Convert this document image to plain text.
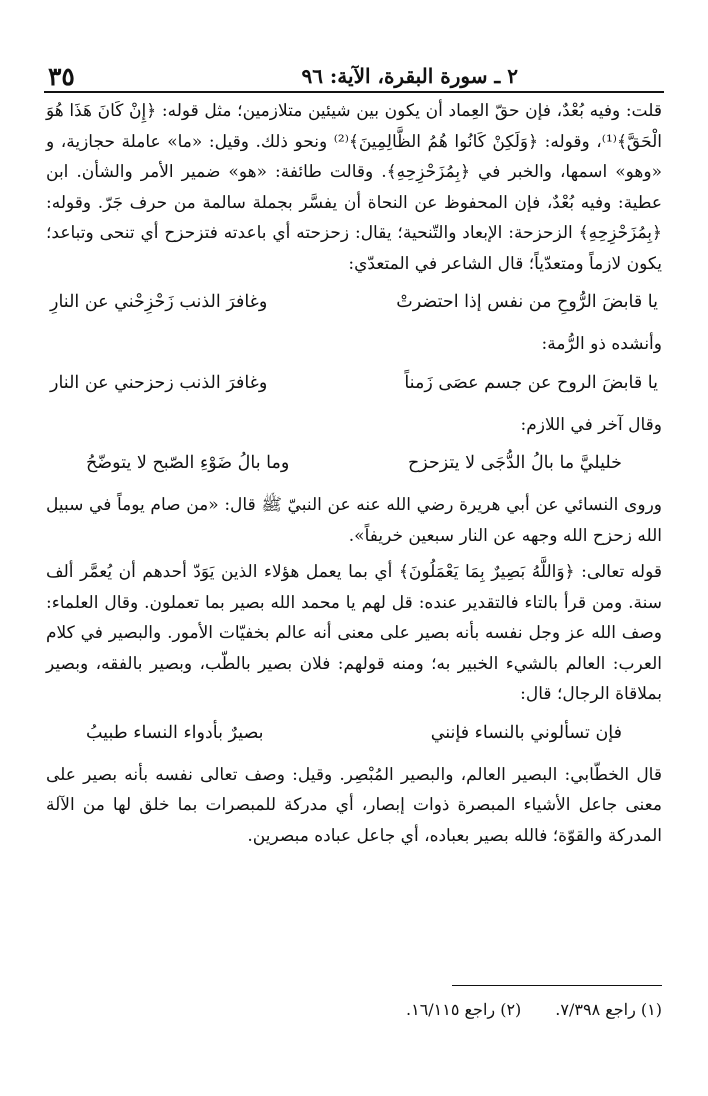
٢ ـ سورة البقرة، الآية: ٩٦
٣٥

قلت: وفيه بُعْدٌ، فإن حقّ العِماد أن يكون بين شيئين متلازمين؛ مثل قوله: ﴿إِنْ كَانَ هَذَا هُوَ الْحَقَّ﴾⁽¹⁾، وقوله: ﴿وَلَكِنْ كَانُوا هُمُ الظَّالِمِينَ﴾⁽²⁾ ونحو ذلك. وقيل: «ما» عاملة حجازية، و «وهو» اسمها، والخبر في ﴿بِمُزَحْزِحِهِ﴾. وقالت طائفة: «هو» ضمير الأمر والشأن. ابن عطية: وفيه بُعْدٌ، فإن المحفوظ عن النحاة أن يفسَّر بجملة سالمة من حرف جَرّ. وقوله: ﴿بِمُزَحْزِحِهِ﴾ الزحزحة: الإبعاد والتّنحية؛ يقال: زحزحته أي باعدته فتزحزح أي تنحى وتباعد؛ يكون لازماً ومتعدّياً؛ قال الشاعر في المتعدّي:

يا قابضَ الرُّوحِ من نفس إذا احتضرتْ
وغافرَ الذنب زَحْزِحْني عن النارِ

وأنشده ذو الرُّمة:

يا قابضَ الروح عن جسم عصَى زَمناً
وغافرَ الذنب زحزحني عن النار

وقال آخر في اللازم:

خليليَّ ما بالُ الدُّجَى لا يتزحزح
وما بالُ ضَوْءِ الصّبح لا يتوضّحُ

وروى النسائي عن أبي هريرة رضي الله عنه عن النبيّ ﷺ قال: «من صام يوماً في سبيل الله زحزح الله وجهه عن النار سبعين خريفاً».

قوله تعالى: ﴿وَاللَّهُ بَصِيرٌ بِمَا يَعْمَلُونَ﴾ أي بما يعمل هؤلاء الذين يَوَدّ أحدهم أن يُعمَّر ألف سنة. ومن قرأ بالتاء فالتقدير عنده: قل لهم يا محمد الله بصير بما تعملون. وقال العلماء: وصف الله عز وجل نفسه بأنه بصير على معنى أنه عالم بخفيّات الأمور. والبصير في كلام العرب: العالم بالشيء الخبير به؛ ومنه قولهم: فلان بصير بالطّب، وبصير بالفقه، وبصير بملاقاة الرجال؛ قال:

فإن تسألوني بالنساء فإنني
بصيرٌ بأدواء النساء طبيبُ

قال الخطّابي: البصير العالم، والبصير المُبْصِر. وقيل: وصف تعالى نفسه بأنه بصير على معنى جاعل الأشياء المبصرة ذوات إبصار، أي مدركة للمبصرات بما خلق لها من الآلة المدركة والقوّة؛ فالله بصير بعباده، أي جاعل عباده مبصرين.

(١) راجع ٧/٣٩٨.
(٢) راجع ١٦/١١٥.
